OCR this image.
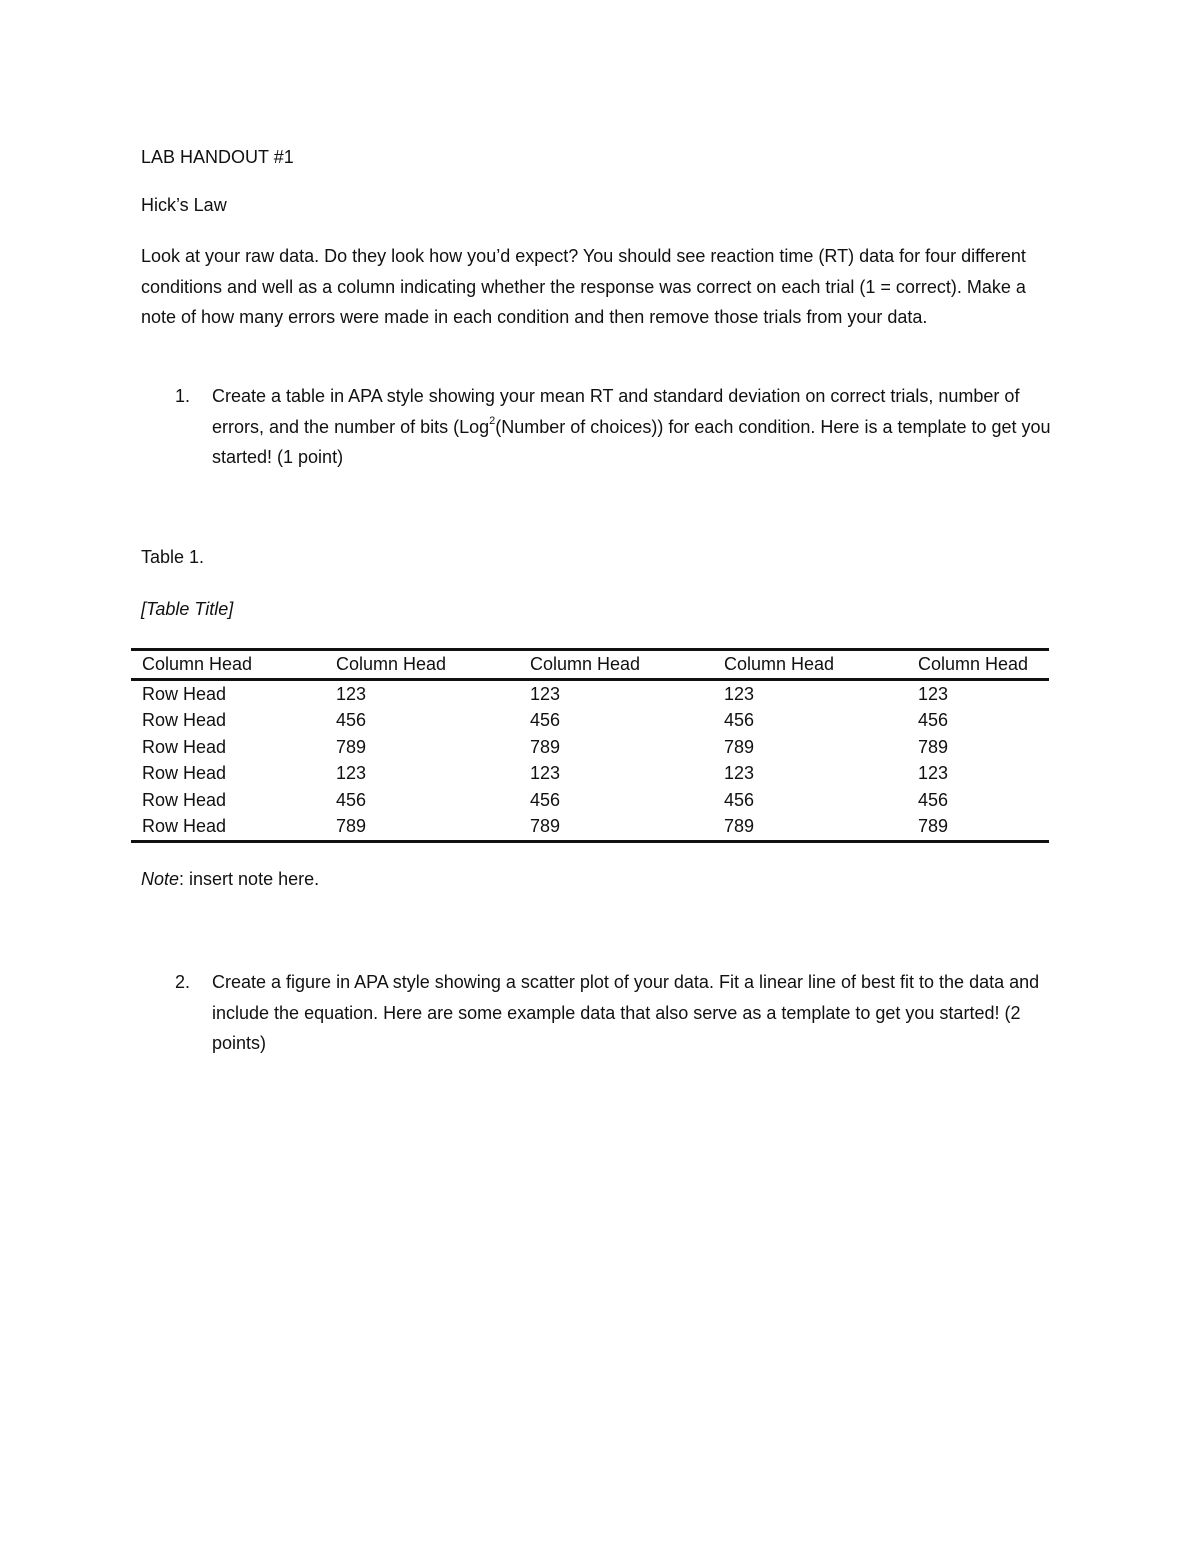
LAB HANDOUT #1
Hick’s Law
Look at your raw data. Do they look how you’d expect? You should see reaction time (RT) data for four different conditions and well as a column indicating whether the response was correct on each trial (1 = correct). Make a note of how many errors were made in each condition and then remove those trials from your data.
1. Create a table in APA style showing your mean RT and standard deviation on correct trials, number of errors, and the number of bits (Log$^2$(Number of choices)) for each condition. Here is a template to get you started! (1 point)
Table 1.
[Table Title]
Column Head	Column Head	Column Head	Column Head	Column Head
Row Head	123	123	123	123
Row Head	456	456	456	456
Row Head	789	789	789	789
Row Head	123	123	123	123
Row Head	456	456	456	456
Row Head	789	789	789	789
Note: insert note here.
2. Create a figure in APA style showing a scatter plot of your data. Fit a linear line of best fit to the data and include the equation. Here are some example data that also serve as a template to get you started! (2 points)
